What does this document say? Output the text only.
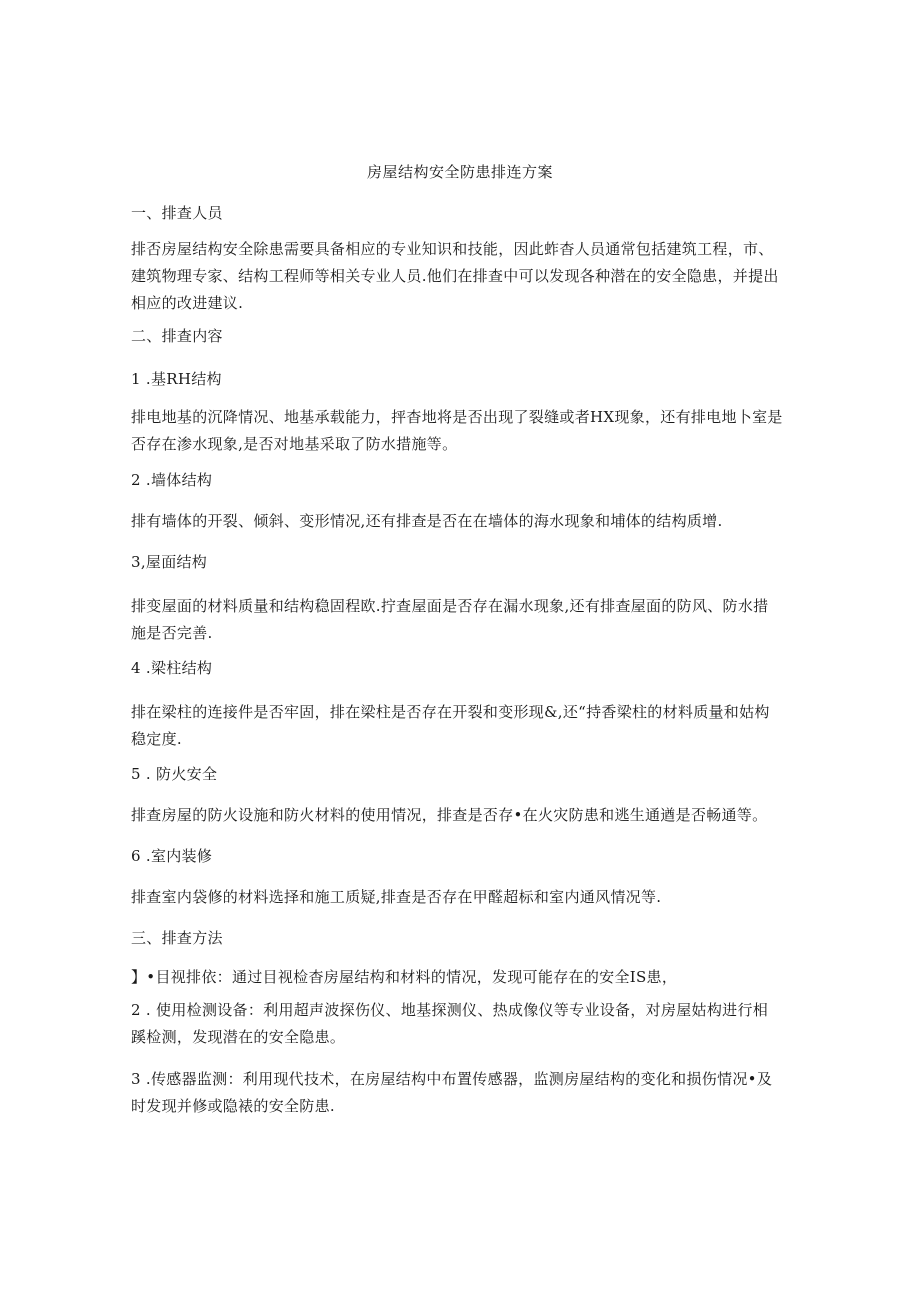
房屋结构安全防患排连方案
一、排查人员
排否房屋结构安全除患需要具备相应的专业知识和技能，因此蚱杳人员通常包括建筑工程，市、
建筑物理专家、结构工程师等相关专业人员.他们在排查中可以发现各种潜在的安全隐患，并提出
相应的改进建议.
二、排查内容
1 .基RH结构
排电地基的沉降情况、地基承载能力，抨杳地将是否出现了裂缝或者HX现象，还有排电地卜室是
否存在渗水现象,是否对地基采取了防水措施等。
2 .墙体结构
排有墙体的开裂、倾斜、变形情况,还有排查是否在在墙体的海水现象和埔体的结构质增.
3,屋面结构
排变屋面的材料质量和结构稳固程欧.拧查屋面是否存在漏水现象,还有排查屋面的防风、防水措
施是否完善.
4 .梁柱结构
排在梁柱的连接件是否牢固，排在梁柱是否存在开裂和变形现&,还“持香梁柱的材料质量和姑构
稳定度.
5 . 防火安全
排查房屋的防火设施和防火材料的使用情况，排查是否存•在火灾防患和逃生通遒是否畅通等。
6 .室内装修
排查室内袋修的材料选择和施工质疑,排查是否存在甲醛超标和室内通风情况等.
三、排查方法
】•目视排依：通过目视检杳房屋结构和材料的情况，发现可能存在的安全IS患，
2 . 使用检测设备：利用超声波探伤仪、地基探测仪、热成像仪等专业设备，对房屋姑构进行相
蹊检测，发现潜在的安全隐患。
3 .传感器监测：利用现代技术，在房屋结构中布置传感器，监测房屋结构的变化和损伤情况•及
时发现并修或隐裱的安全防患.
